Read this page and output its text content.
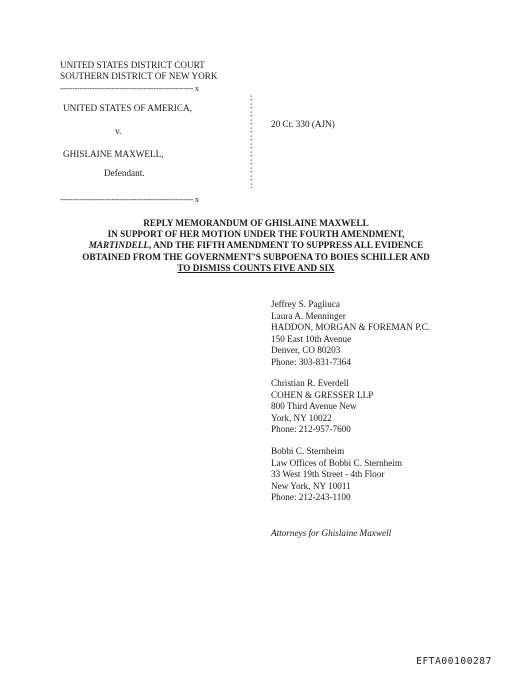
UNITED STATES DISTRICT COURT
SOUTHERN DISTRICT OF NEW YORK
------------------------------------------------------ x
UNITED STATES OF AMERICA,
v.
GHISLAINE MAXWELL,
Defendant.
20 Cr. 330 (AJN)
------------------------------------------------------ x
:
:
:
:
:
:
:
:
:
:
:
:
REPLY MEMORANDUM OF GHISLAINE MAXWELL
IN SUPPORT OF HER MOTION UNDER THE FOURTH AMENDMENT,
MARTINDELL, AND THE FIFTH AMENDMENT TO SUPPRESS ALL EVIDENCE
OBTAINED FROM THE GOVERNMENT’S SUBPOENA TO BOIES SCHILLER AND
TO DISMISS COUNTS FIVE AND SIX
Jeffrey S. Pagliuca
Laura A. Menninger
HADDON, MORGAN & FOREMAN P.C.
150 East 10th Avenue
Denver, CO 80203
Phone: 303-831-7364
Christian R. Everdell
COHEN & GRESSER LLP
800 Third Avenue New
York, NY 10022
Phone: 212-957-7600
Bobbi C. Sternheim
Law Offices of Bobbi C. Sternheim
33 West 19th Street - 4th Floor
New York, NY 10011
Phone: 212-243-1100
Attorneys for Ghislaine Maxwell
EFTA00100287
